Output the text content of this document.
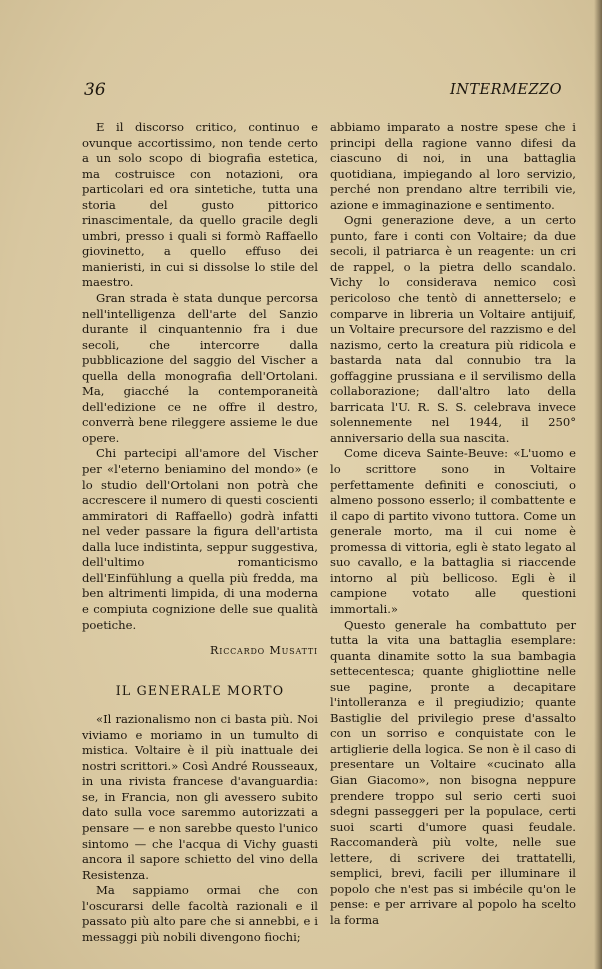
36	INTERMEZZO

E il discorso critico, continuo e ovunque accortissimo, non tende certo a un solo scopo di biografia estetica, ma costruisce con notazioni, ora particolari ed ora sintetiche, tutta una storia del gusto pittorico rinascimentale, da quello gracile degli umbri, presso i quali si formò Raffaello giovinetto, a quello effuso dei manieristi, in cui si dissolse lo stile del maestro.

Gran strada è stata dunque percorsa nell'intelligenza dell'arte del Sanzio durante il cinquantennio fra i due secoli, che intercorre dalla pubblicazione del saggio del Vischer a quella della monografia dell'Ortolani. Ma, giacché la contemporaneità dell'edizione ce ne offre il destro, converrà bene rileggere assieme le due opere.

Chi partecipi all'amore del Vischer per «l'eterno beniamino del mondo» (e lo studio dell'Ortolani non potrà che accrescere il numero di questi coscienti ammiratori di Raffaello) godrà infatti nel veder passare la figura dell'artista dalla luce indistinta, seppur suggestiva, dell'ultimo romanticismo dell'Einfühlung a quella più fredda, ma ben altrimenti limpida, di una moderna e compiuta cognizione delle sue qualità poetiche.

Riccardo Musatti

IL GENERALE MORTO

«Il razionalismo non ci basta più. Noi viviamo e moriamo in un tumulto di mistica. Voltaire è il più inattuale dei nostri scrittori.» Così André Rousseaux, in una rivista francese d'avanguardia: se, in Francia, non gli avessero subito dato sulla voce saremmo autorizzati a pensare — e non sarebbe questo l'unico sintomo — che l'acqua di Vichy guasti ancora il sapore schietto del vino della Resistenza.

Ma sappiamo ormai che con l'oscurarsi delle facoltà razionali e il passato più alto pare che si annebbi, e i messaggi più nobili divengono fiochi;

abbiamo imparato a nostre spese che i principi della ragione vanno difesi da ciascuno di noi, in una battaglia quotidiana, impiegando al loro servizio, perché non prendano altre terribili vie, azione e immaginazione e sentimento.

Ogni generazione deve, a un certo punto, fare i conti con Voltaire; da due secoli, il patriarca è un reagente: un cri de rappel, o la pietra dello scandalo. Vichy lo considerava nemico così pericoloso che tentò di annetterselo; e comparve in libreria un Voltaire antijuif, un Voltaire precursore del razzismo e del nazismo, certo la creatura più ridicola e bastarda nata dal connubio tra la goffaggine prussiana e il servilismo della collaborazione; dall'altro lato della barricata l'U. R. S. S. celebrava invece solennemente nel 1944, il 250° anniversario della sua nascita.

Come diceva Sainte-Beuve: «L'uomo e lo scrittore sono in Voltaire perfettamente definiti e conosciuti, o almeno possono esserlo; il combattente e il capo di partito vivono tuttora. Come un generale morto, ma il cui nome è promessa di vittoria, egli è stato legato al suo cavallo, e la battaglia si riaccende intorno al più bellicoso. Egli è il campione votato alle questioni immortali.»

Questo generale ha combattuto per tutta la vita una battaglia esemplare: quanta dinamite sotto la sua bambagia settecentesca; quante ghigliottine nelle sue pagine, pronte a decapitare l'intolleranza e il pregiudizio; quante Bastiglie del privilegio prese d'assalto con un sorriso e conquistate con le artiglierie della logica. Se non è il caso di presentare un Voltaire «cucinato alla Gian Giacomo», non bisogna neppure prendere troppo sul serio certi suoi sdegni passeggeri per la populace, certi suoi scarti d'umore quasi feudale. Raccomanderà più volte, nelle sue lettere, di scrivere dei trattatelli, semplici, brevi, facili per illuminare il popolo che n'est pas si imbécile qu'on le pense: e per arrivare al popolo ha scelto la forma
